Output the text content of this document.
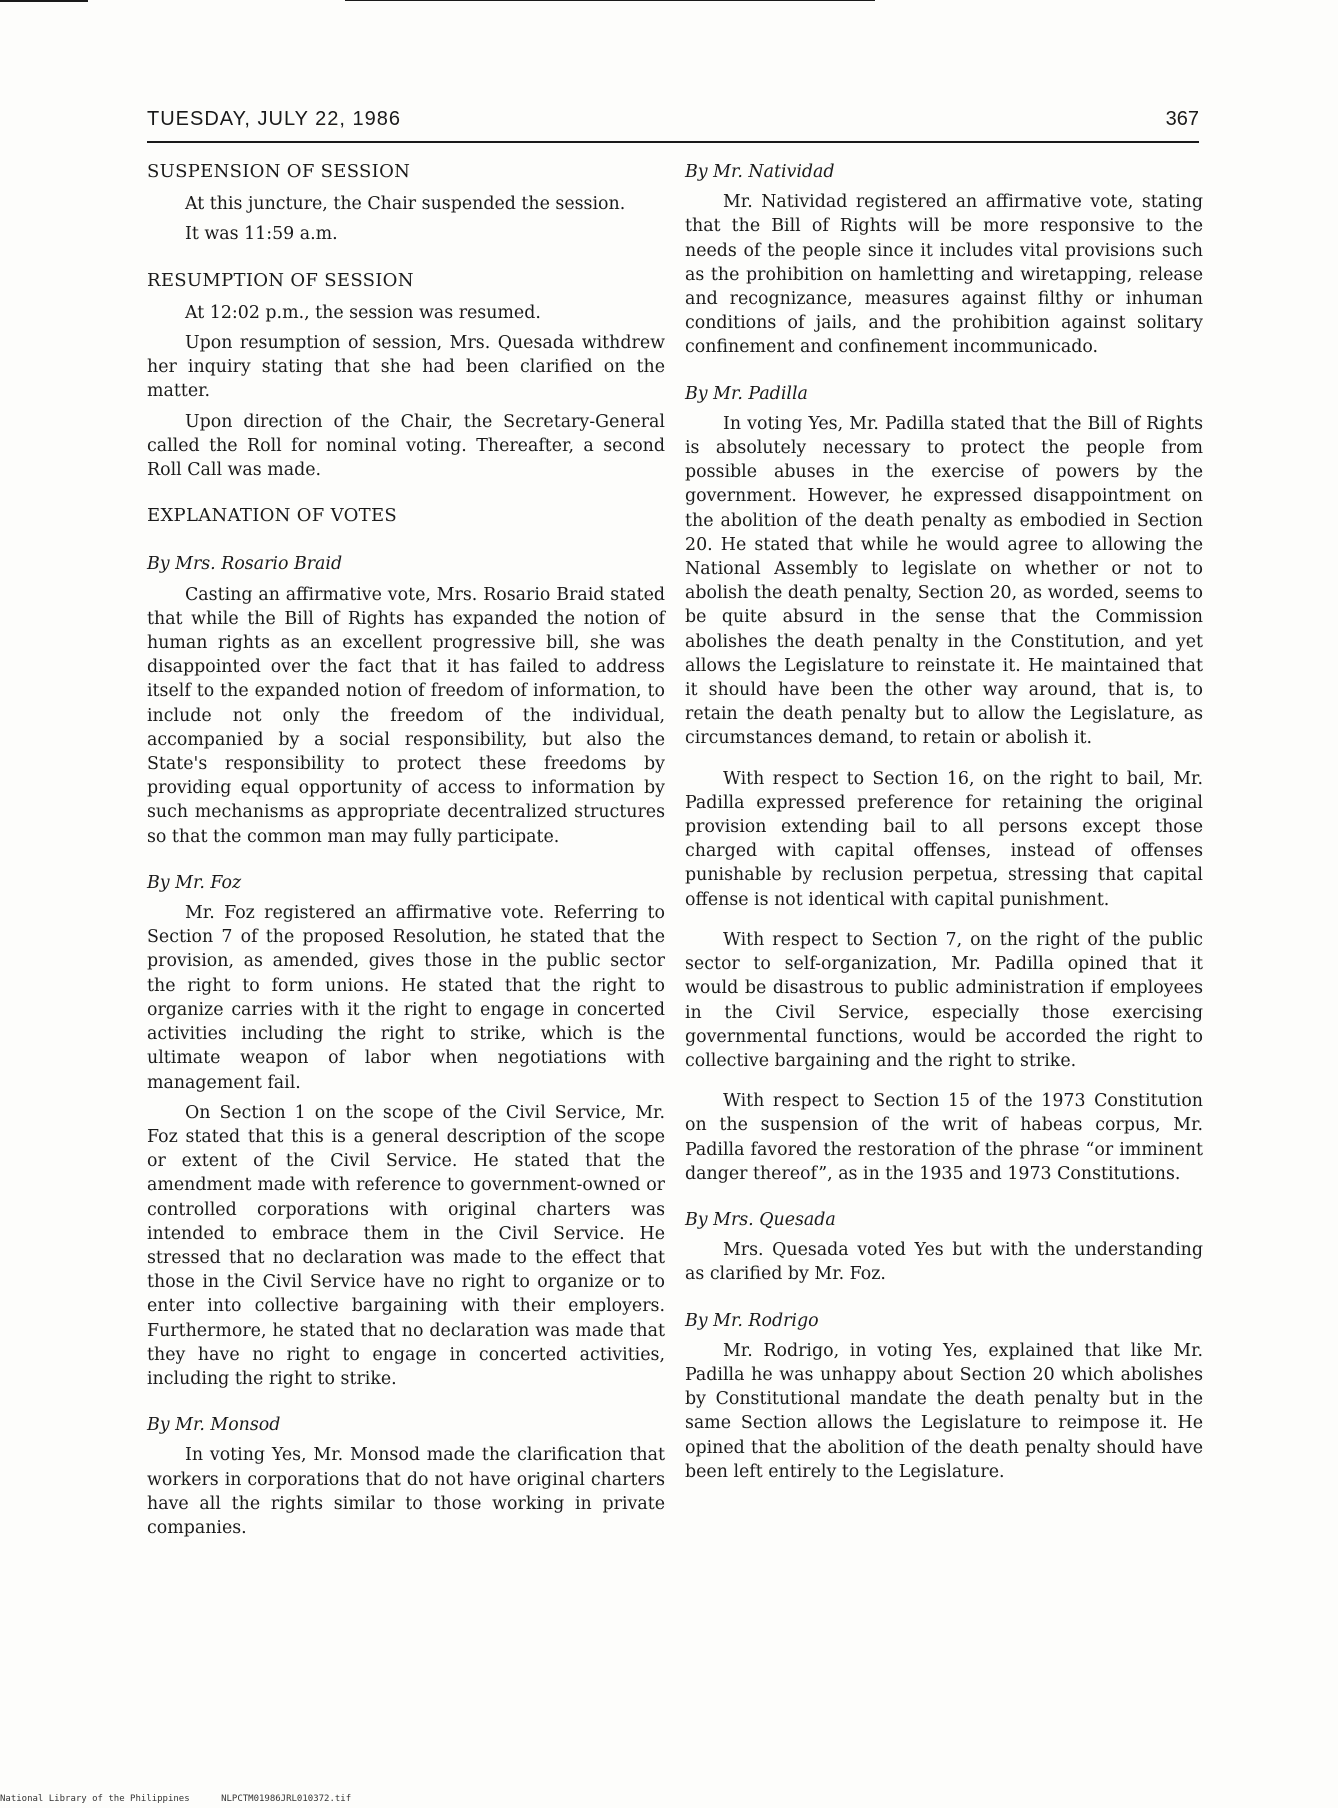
TUESDAY, JULY 22, 1986	367
SUSPENSION OF SESSION

At this juncture, the Chair suspended the session.

It was 11:59 a.m.

RESUMPTION OF SESSION

At 12:02 p.m., the session was resumed.

Upon resumption of session, Mrs. Quesada withdrew her inquiry stating that she had been clarified on the matter.

Upon direction of the Chair, the Secretary-General called the Roll for nominal voting. Thereafter, a second Roll Call was made.

EXPLANATION OF VOTES
By Mrs. Rosario Braid

Casting an affirmative vote, Mrs. Rosario Braid stated that while the Bill of Rights has expanded the notion of human rights as an excellent progressive bill, she was disappointed over the fact that it has failed to address itself to the expanded notion of freedom of information, to include not only the freedom of the individual, accompanied by a social responsibility, but also the State's responsibility to protect these freedoms by providing equal opportunity of access to information by such mechanisms as appropriate decentralized structures so that the common man may fully participate.

By Mr. Foz

Mr. Foz registered an affirmative vote. Referring to Section 7 of the proposed Resolution, he stated that the provision, as amended, gives those in the public sector the right to form unions. He stated that the right to organize carries with it the right to engage in concerted activities including the right to strike, which is the ultimate weapon of labor when negotiations with management fail.

On Section 1 on the scope of the Civil Service, Mr. Foz stated that this is a general description of the scope or extent of the Civil Service. He stated that the amendment made with reference to government-owned or controlled corporations with original charters was intended to embrace them in the Civil Service. He stressed that no declaration was made to the effect that those in the Civil Service have no right to organize or to enter into collective bargaining with their employers. Furthermore, he stated that no declaration was made that they have no right to engage in concerted activities, including the right to strike.

By Mr. Monsod

In voting Yes, Mr. Monsod made the clarification that workers in corporations that do not have original charters have all the rights similar to those working in private companies.

By Mr. Natividad

Mr. Natividad registered an affirmative vote, stating that the Bill of Rights will be more responsive to the needs of the people since it includes vital provisions such as the prohibition on hamletting and wiretapping, release and recognizance, measures against filthy or inhuman conditions of jails, and the prohibition against solitary confinement and confinement incommunicado.

By Mr. Padilla

In voting Yes, Mr. Padilla stated that the Bill of Rights is absolutely necessary to protect the people from possible abuses in the exercise of powers by the government. However, he expressed disappointment on the abolition of the death penalty as embodied in Section 20. He stated that while he would agree to allowing the National Assembly to legislate on whether or not to abolish the death penalty, Section 20, as worded, seems to be quite absurd in the sense that the Commission abolishes the death penalty in the Constitution, and yet allows the Legislature to reinstate it. He maintained that it should have been the other way around, that is, to retain the death penalty but to allow the Legislature, as circumstances demand, to retain or abolish it.

With respect to Section 16, on the right to bail, Mr. Padilla expressed preference for retaining the original provision extending bail to all persons except those charged with capital offenses, instead of offenses punishable by reclusion perpetua, stressing that capital offense is not identical with capital punishment.

With respect to Section 7, on the right of the public sector to self-organization, Mr. Padilla opined that it would be disastrous to public administration if employees in the Civil Service, especially those exercising governmental functions, would be accorded the right to collective bargaining and the right to strike.

With respect to Section 15 of the 1973 Constitution on the suspension of the writ of habeas corpus, Mr. Padilla favored the restoration of the phrase “or imminent danger thereof”, as in the 1935 and 1973 Constitutions.

By Mrs. Quesada

Mrs. Quesada voted Yes but with the understanding as clarified by Mr. Foz.

By Mr. Rodrigo

Mr. Rodrigo, in voting Yes, explained that like Mr. Padilla he was unhappy about Section 20 which abolishes by Constitutional mandate the death penalty but in the same Section allows the Legislature to reimpose it. He opined that the abolition of the death penalty should have been left entirely to the Legislature.

National Library of the Philippines	NLPCTM01986JRL010372.tif
